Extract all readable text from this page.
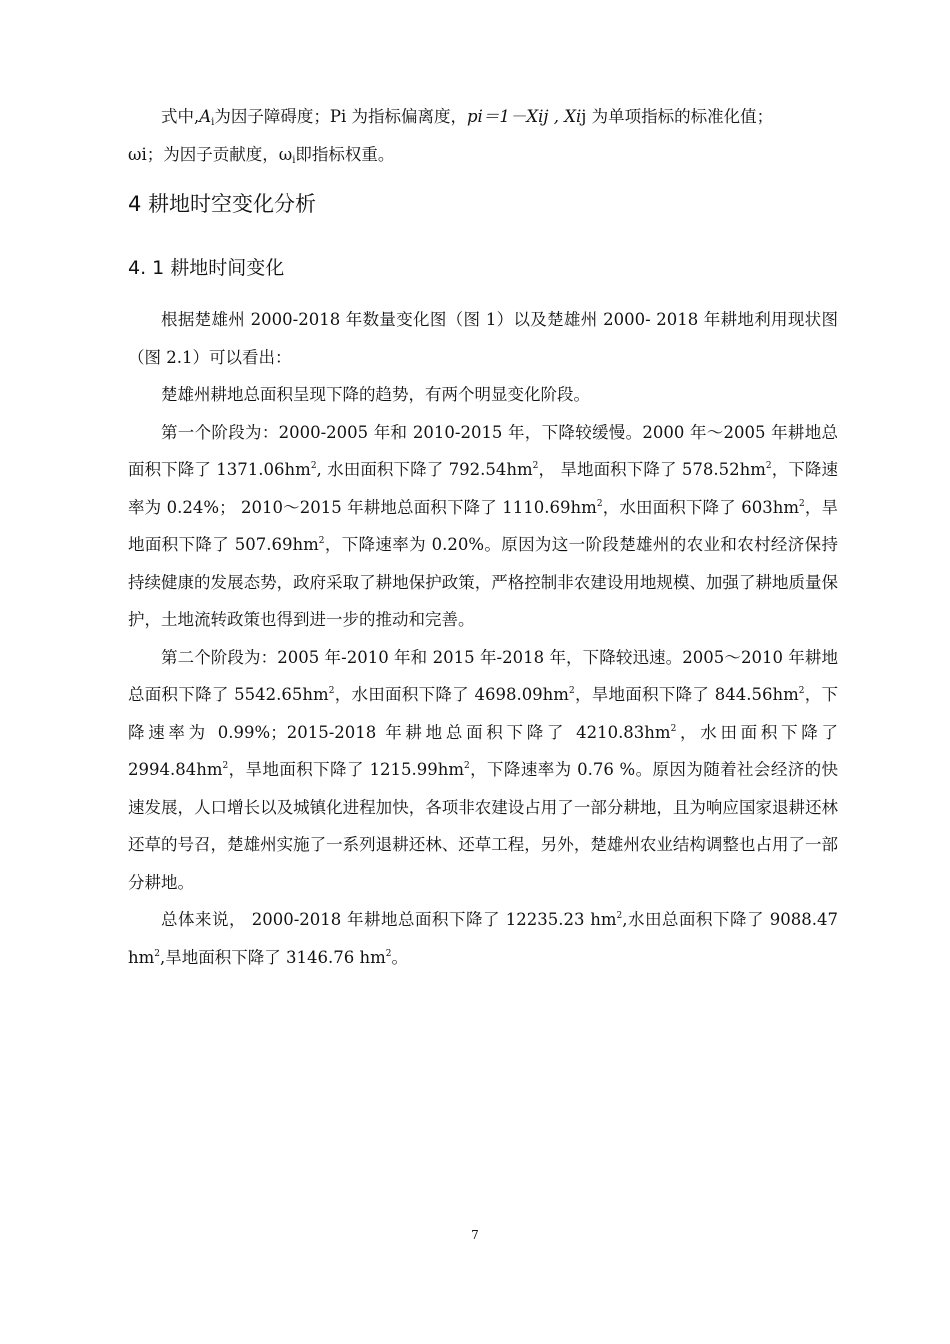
式中$,A_i$为因子障碍度；Pi 为指标偏离度，pi＝1－Xij , Xij 为单项指标的标准化值；

ωi；为因子贡献度，$\omega_i$即指标权重。

4 耕地时空变化分析
4. 1 耕地时间变化

根据楚雄州 2000-2018 年数量变化图（图 1）以及楚雄州 2000- 2018 年耕地利用现状图（图 2.1）可以看出：

楚雄州耕地总面积呈现下降的趋势，有两个明显变化阶段。

第一个阶段为：2000-2005 年和 2010-2015 年，下降较缓慢。2000 年～2005 年耕地总面积下降了 $1371.06hm^2$, 水田面积下降了 $792.54hm^2$， 旱地面积下降了 $578.52hm^2$，下降速率为 0.24%； 2010～2015 年耕地总面积下降了 $1110.69hm^2$，水田面积下降了 $603hm^2$，旱地面积下降了 $507.69hm^2$，下降速率为 0.20%。原因为这一阶段楚雄州的农业和农村经济保持持续健康的发展态势，政府采取了耕地保护政策，严格控制非农建设用地规模、加强了耕地质量保护，土地流转政策也得到进一步的推动和完善。

第二个阶段为：2005 年-2010 年和 2015 年-2018 年，下降较迅速。2005～2010 年耕地总面积下降了 $5542.65hm^2$，水田面积下降了 $4698.09hm^2$，旱地面积下降了 $844.56hm^2$，下降速率为 0.99%；2015-2018 年耕地总面积下降了 $4210.83hm^2$，水田面积下降了 $2994.84hm^2$，旱地面积下降了 $1215.99hm^2$，下降速率为 0.76 %。原因为随着社会经济的快速发展，人口增长以及城镇化进程加快，各项非农建设占用了一部分耕地，且为响应国家退耕还林还草的号召，楚雄州实施了一系列退耕还林、还草工程，另外，楚雄州农业结构调整也占用了一部分耕地。

总体来说， 2000-2018 年耕地总面积下降了 12235.23 $hm^2$,水田总面积下降了 9088.47 $hm^2$,旱地面积下降了 3146.76 $hm^2$。

7
